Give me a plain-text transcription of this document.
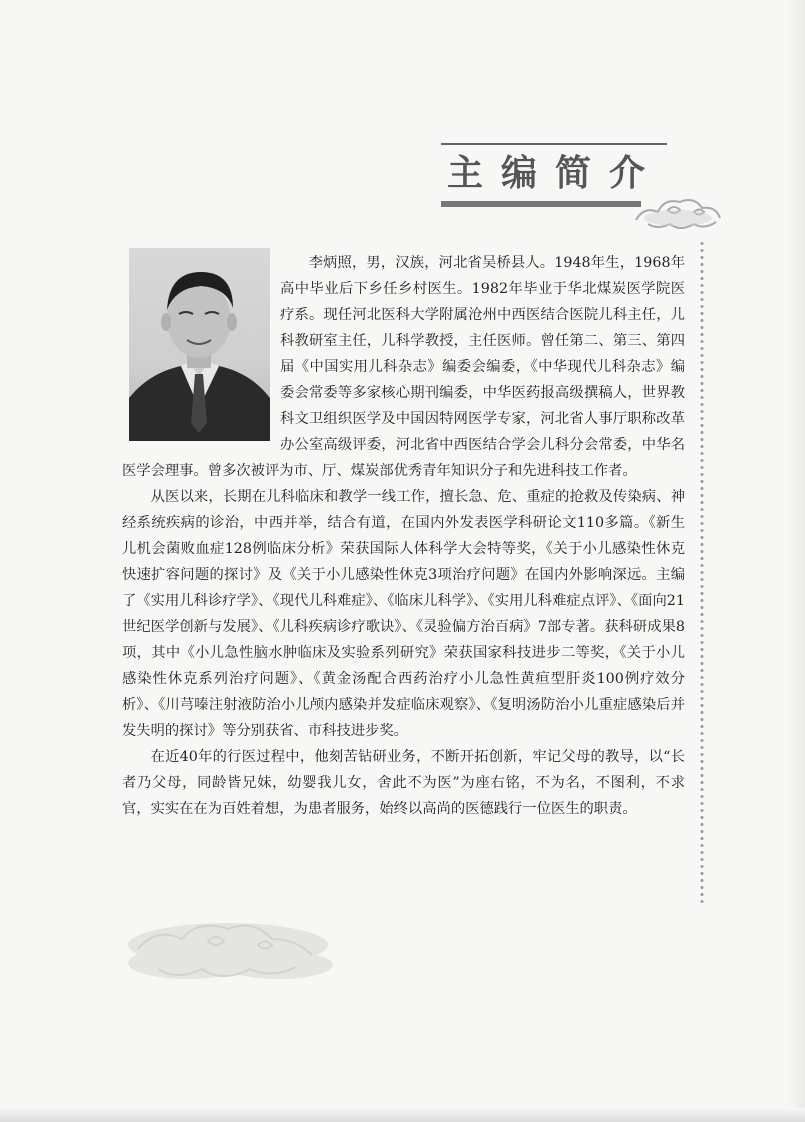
主编简介

李炳照，男，汉族，河北省吴桥县人。1948年生，1968年高中毕业后下乡任乡村医生。1982年毕业于华北煤炭医学院医疗系。现任河北医科大学附属沧州中西医结合医院儿科主任，儿科教研室主任，儿科学教授，主任医师。曾任第二、第三、第四届《中国实用儿科杂志》编委会编委，《中华现代儿科杂志》编委会常委等多家核心期刊编委，中华医药报高级撰稿人，世界教科文卫组织医学及中国因特网医学专家，河北省人事厅职称改革办公室高级评委，河北省中西医结合学会儿科分会常委，中华名医学会理事。曾多次被评为市、厅、煤炭部优秀青年知识分子和先进科技工作者。

从医以来，长期在儿科临床和教学一线工作，擅长急、危、重症的抢救及传染病、神经系统疾病的诊治，中西并举，结合有道，在国内外发表医学科研论文110多篇。《新生儿机会菌败血症128例临床分析》荣获国际人体科学大会特等奖，《关于小儿感染性休克快速扩容问题的探讨》及《关于小儿感染性休克3项治疗问题》在国内外影响深远。主编了《实用儿科诊疗学》、《现代儿科难症》、《临床儿科学》、《实用儿科难症点评》、《面向21世纪医学创新与发展》、《儿科疾病诊疗歌诀》、《灵验偏方治百病》7部专著。获科研成果8项，其中《小儿急性脑水肿临床及实验系列研究》荣获国家科技进步二等奖，《关于小儿感染性休克系列治疗问题》、《黄金汤配合西药治疗小儿急性黄疸型肝炎100例疗效分析》、《川芎嗪注射液防治小儿颅内感染并发症临床观察》、《复明汤防治小儿重症感染后并发失明的探讨》等分别获省、市科技进步奖。

在近40年的行医过程中，他刻苦钻研业务，不断开拓创新，牢记父母的教导，以“长者乃父母，同龄皆兄妹，幼婴我儿女，舍此不为医”为座右铭，不为名，不图利，不求官，实实在在为百姓着想，为患者服务，始终以高尚的医德践行一位医生的职责。
